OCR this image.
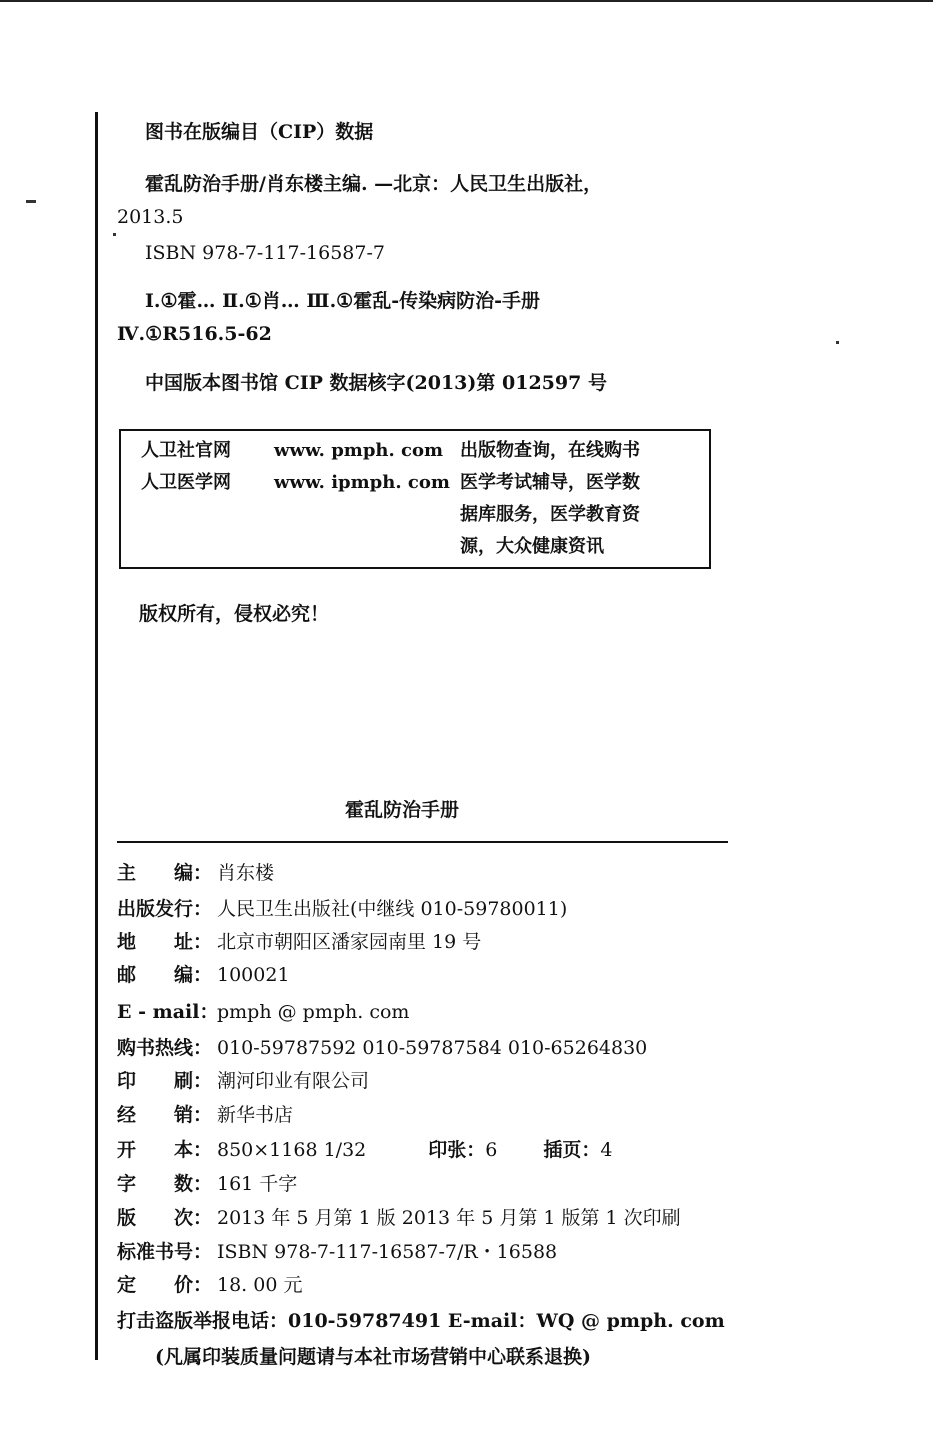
图书在版编目（CIP）数据
霍乱防治手册/肖东楼主编. —北京：人民卫生出版社，
2013.5
ISBN 978-7-117-16587-7
Ⅰ.①霍… Ⅱ.①肖… Ⅲ.①霍乱-传染病防治-手册
Ⅳ.①R516.5-62
中国版本图书馆 CIP 数据核字(2013)第 012597 号
人卫社官网 www. pmph. com 出版物查询，在线购书
人卫医学网 www. ipmph. com 医学考试辅导，医学数
据库服务，医学教育资
源，大众健康资讯
版权所有，侵权必究！
霍乱防治手册
主　　编： 肖东楼
出版发行： 人民卫生出版社(中继线 010-59780011)
地　　址： 北京市朝阳区潘家园南里 19 号
邮　　编： 100021
E - mail：pmph @ pmph. com
购书热线： 010-59787592 010-59787584 010-65264830
印　　刷： 潮河印业有限公司
经　　销： 新华书店
开　　本： 850×1168 1/32	印张：6 插页：4
字　　数： 161 千字
版　　次： 2013 年 5 月第 1 版 2013 年 5 月第 1 版第 1 次印刷
标准书号： ISBN 978-7-117-16587-7/R・16588
定　　价： 18. 00 元
打击盗版举报电话：010-59787491 E-mail：WQ @ pmph. com
(凡属印装质量问题请与本社市场营销中心联系退换)
